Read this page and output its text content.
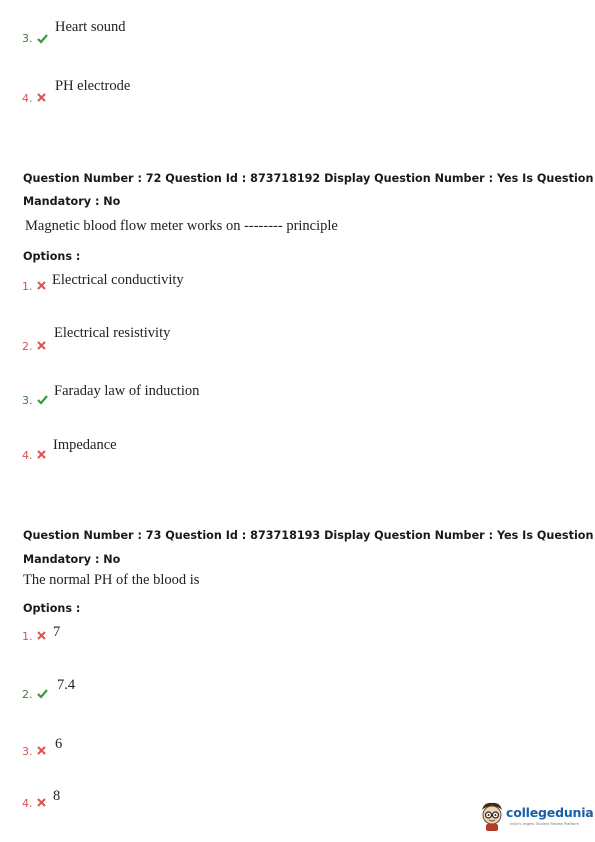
3.
Heart sound
4.
PH electrode
Question Number : 72 Question Id : 873718192 Display Question Number : Yes Is Question
Mandatory : No
Magnetic blood flow meter works on -------- principle
Options :
1. Electrical conductivity
2.
Electrical resistivity
3.
Faraday law of induction
4.
Impedance
Question Number : 73 Question Id : 873718193 Display Question Number : Yes Is Question
Mandatory : No
The normal PH of the blood is
Options :
1. 7
2.
7.4
3. 6
4. 8
collegedunia
India's largest Student Review Platform
